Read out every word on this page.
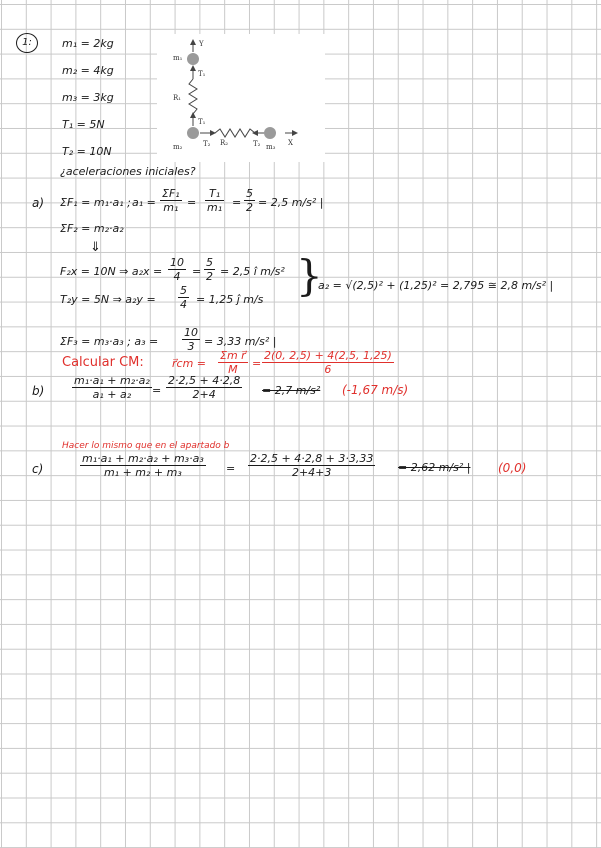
1:	m₁ = 2kg
m₂ = 4kg
m₃ = 3kg
T₁ = 5N
T₂ = 10N
Y
m₁
T₁
R₁
T₁
m₂	T₂ R₂	T₂ m₃ X
¿aceleraciones iniciales?
a) ΣF₁ = m₁·a₁ ; $a_1 = \frac{\text{ΣF₁}}{\text{m₁}} = \frac{\text{T₁}}{\text{m₁}} = \frac{5}{2} = 2,5$ m/s² |
ΣF₂ = m₂·a₂
⇓
F₂x = 10N ⇒ $a_2x = \frac{10}{4} = \frac{5}{2} = 2,5$ î m/s²
T₂y = 5N ⇒ $a_2y = \frac{5}{4} = 1,25$ ĵ m/s }
a₂ = √(2,5)² + (1,25)² = 2,795 ≅ 2,8 m/s² |
ΣF₃ = m₃·a₃ ; $a_3 = \frac{10}{3} = 3,33$ m/s² |
Calcular CM:	r⃗cm = $\frac{\text{Σm r⃗}}{M} = \frac{2(0, 2,5) + 4(2,5, 1,25)}{6}$
b)	$\frac{\text{m₁·a₁ + m₂·a₂}}{\text{a₁ + a₂}} = \frac{2\cdot 2,5 + 4\cdot 2,8}{2+4} = 2,7$ m/s² (-1,67 m/s)
Hacer lo mismo que en el apartado b
c)	$\frac{\text{m₁·a₁ + m₂·a₂ + m₃·a₃}}{\text{m₁ + m₂ + m₃}} = \frac{2\cdot 2,5 + 4\cdot 2,8 + 3\cdot 3,33}{2+4+3} = 2,62$ m/s² | (0,0)
